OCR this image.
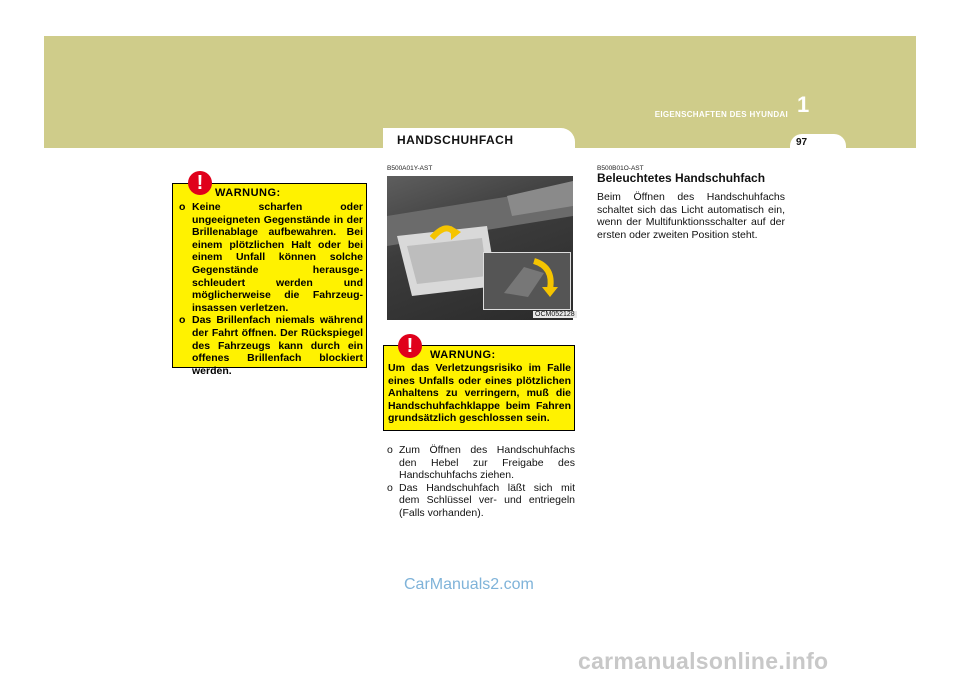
1
EIGENSCHAFTEN DES HYUNDAI
HANDSCHUHFACH	97
WARNUNG:
o Keine scharfen oder ungeeigneten Gegenstände in der Brillenablage aufbewahren. Bei einem plötzlichen Halt oder bei einem Unfall können solche Gegenstände herausge-schleudert werden und möglicherweise die Fahrzeug-insassen verletzen.
o Das Brillenfach niemals während der Fahrt öffnen. Der Rückspiegel des Fahrzeugs kann durch ein offenes Brillenfach blockiert werden.
!
B500A01Y-AST
OCM052128
WARNUNG:
Um das Verletzungsrisiko im Falle eines Unfalls oder eines plötzlichen Anhaltens zu verringern, muß die Handschuhfachklappe beim Fahren grundsätzlich geschlossen sein.
!
o Zum Öffnen des Handschuhfachs den Hebel zur Freigabe des Handschuhfachs ziehen.
o Das Handschuhfach läßt sich mit dem Schlüssel ver- und entriegeln (Falls vorhanden).
B500B01O-AST
Beleuchtetes Handschuhfach
Beim Öffnen des Handschuhfachs schaltet sich das Licht automatisch ein, wenn der Multifunktionsschalter auf der ersten oder zweiten Position steht.
CarManuals2.com
carmanualsonline.info
